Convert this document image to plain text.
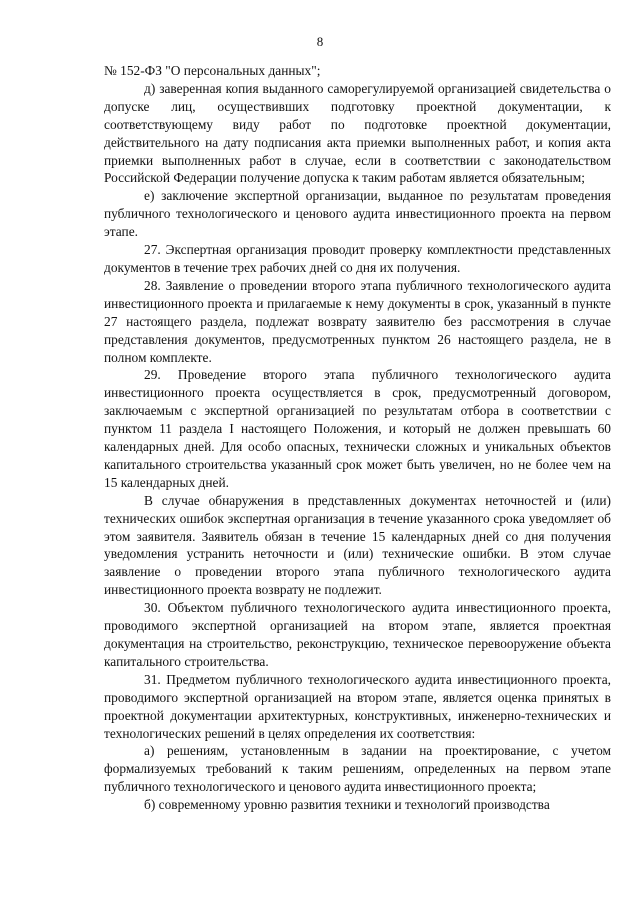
8

№ 152-ФЗ "О персональных данных";

д) заверенная копия выданного саморегулируемой организацией свидетельства о допуске лиц, осуществивших подготовку проектной документации, к соответствующему виду работ по подготовке проектной документации, действительного на дату подписания акта приемки выполненных работ, и копия акта приемки выполненных работ в случае, если в соответствии с законодательством Российской Федерации получение допуска к таким работам является обязательным;

е) заключение экспертной организации, выданное по результатам проведения публичного технологического и ценового аудита инвестиционного проекта на первом этапе.

27. Экспертная организация проводит проверку комплектности представленных документов в течение трех рабочих дней со дня их получения.

28. Заявление о проведении второго этапа публичного технологического аудита инвестиционного проекта и прилагаемые к нему документы в срок, указанный в пункте 27 настоящего раздела, подлежат возврату заявителю без рассмотрения в случае представления документов, предусмотренных пунктом 26 настоящего раздела, не в полном комплекте.

29. Проведение второго этапа публичного технологического аудита инвестиционного проекта осуществляется в срок, предусмотренный договором, заключаемым с экспертной организацией по результатам отбора в соответствии с пунктом 11 раздела I настоящего Положения, и который не должен превышать 60 календарных дней. Для особо опасных, технически сложных и уникальных объектов капитального строительства указанный срок может быть увеличен, но не более чем на 15 календарных дней.

В случае обнаружения в представленных документах неточностей и (или) технических ошибок экспертная организация в течение указанного срока уведомляет об этом заявителя. Заявитель обязан в течение 15 календарных дней со дня получения уведомления устранить неточности и (или) технические ошибки. В этом случае заявление о проведении второго этапа публичного технологического аудита инвестиционного проекта возврату не подлежит.

30. Объектом публичного технологического аудита инвестиционного проекта, проводимого экспертной организацией на втором этапе, является проектная документация на строительство, реконструкцию, техническое перевооружение объекта капитального строительства.

31. Предметом публичного технологического аудита инвестиционного проекта, проводимого экспертной организацией на втором этапе, является оценка принятых в проектной документации архитектурных, конструктивных, инженерно-технических и технологических решений в целях определения их соответствия:

а) решениям, установленным в задании на проектирование, с учетом формализуемых требований к таким решениям, определенных на первом этапе публичного технологического и ценового аудита инвестиционного проекта;

б) современному уровню развития техники и технологий производства
